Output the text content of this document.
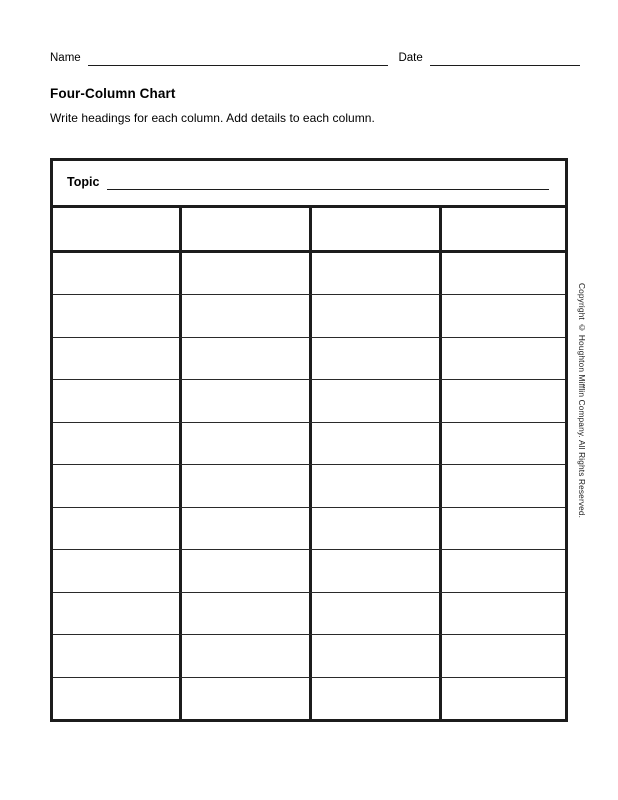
Name	Date
Four-Column Chart
Write headings for each column. Add details to each column.
Topic
Copyright © Houghton Mifflin Company. All Rights Reserved.
